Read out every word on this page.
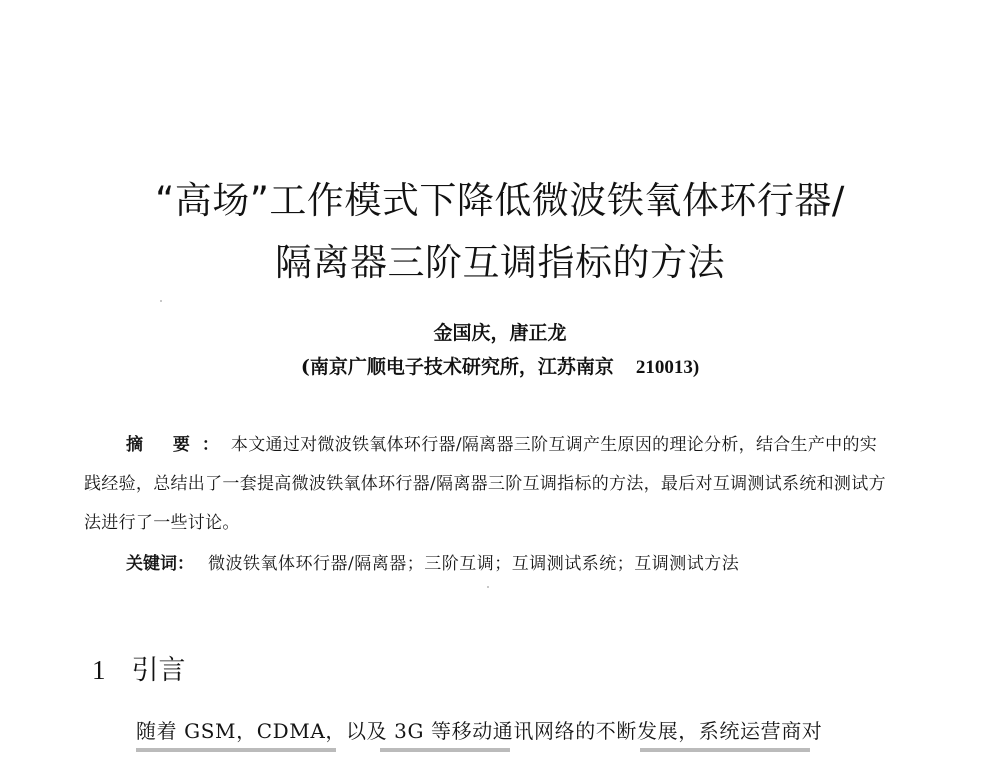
“高场”工作模式下降低微波铁氧体环行器/
隔离器三阶互调指标的方法
金国庆，唐正龙
(南京广顺电子技术研究所，江苏南京 210013)
摘 要：本文通过对微波铁氧体环行器/隔离器三阶互调产生原因的理论分析，结合生产中的实践经验，总结出了一套提高微波铁氧体环行器/隔离器三阶互调指标的方法，最后对互调测试系统和测试方法进行了一些讨论。
关键词： 微波铁氧体环行器/隔离器；三阶互调；互调测试系统；互调测试方法
1 引言
随着 GSM，CDMA，以及 3G 等移动通讯网络的不断发展，系统运营商对
